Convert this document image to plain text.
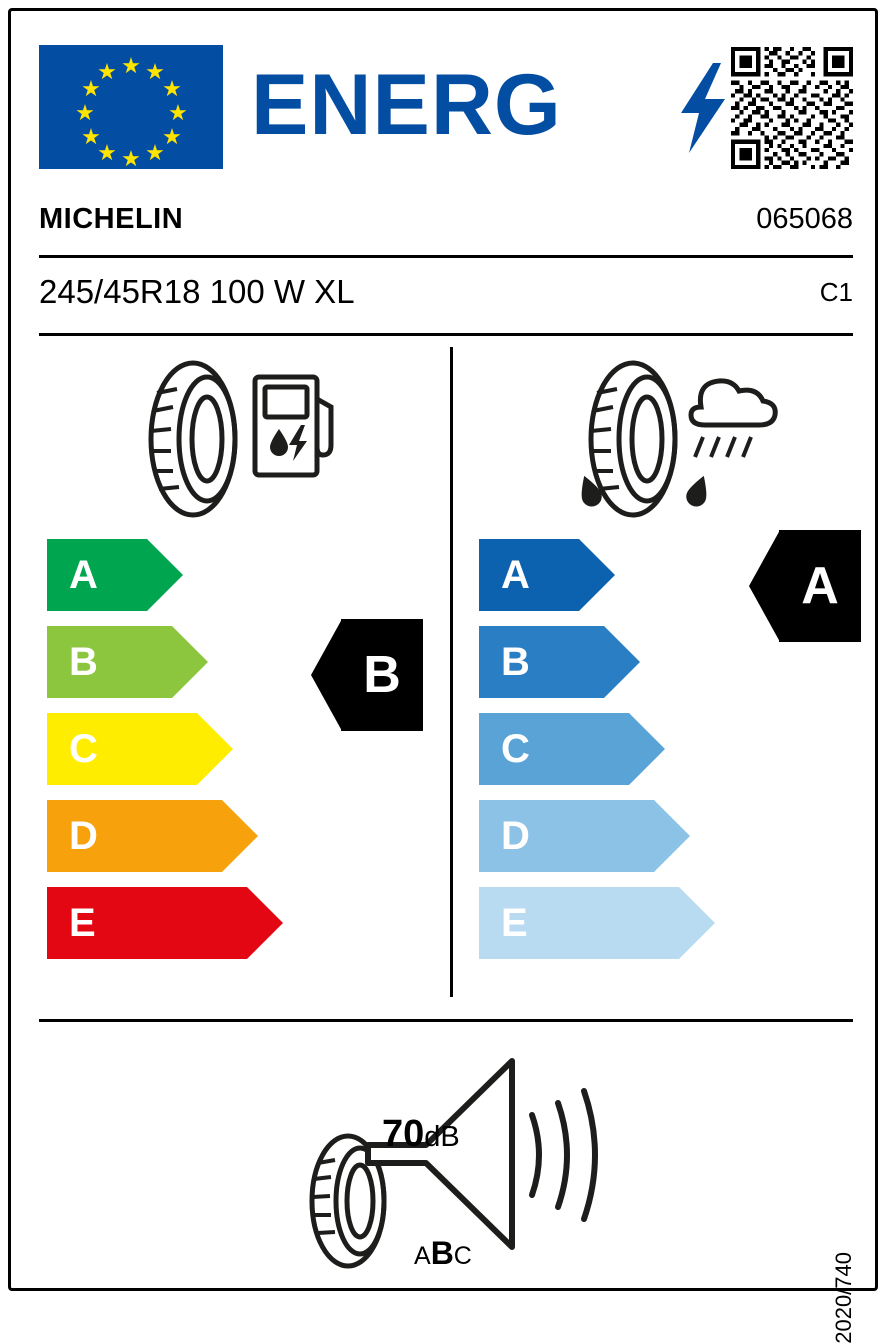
★ ★
★
★
★
★
★
★
★
★
★
★ ENERG
MICHELIN	065068
245/45R18 100 W XL	C1
A
B
C
D
E
A
B
C
D
E
B
A
70dB
ABC	2020/740
